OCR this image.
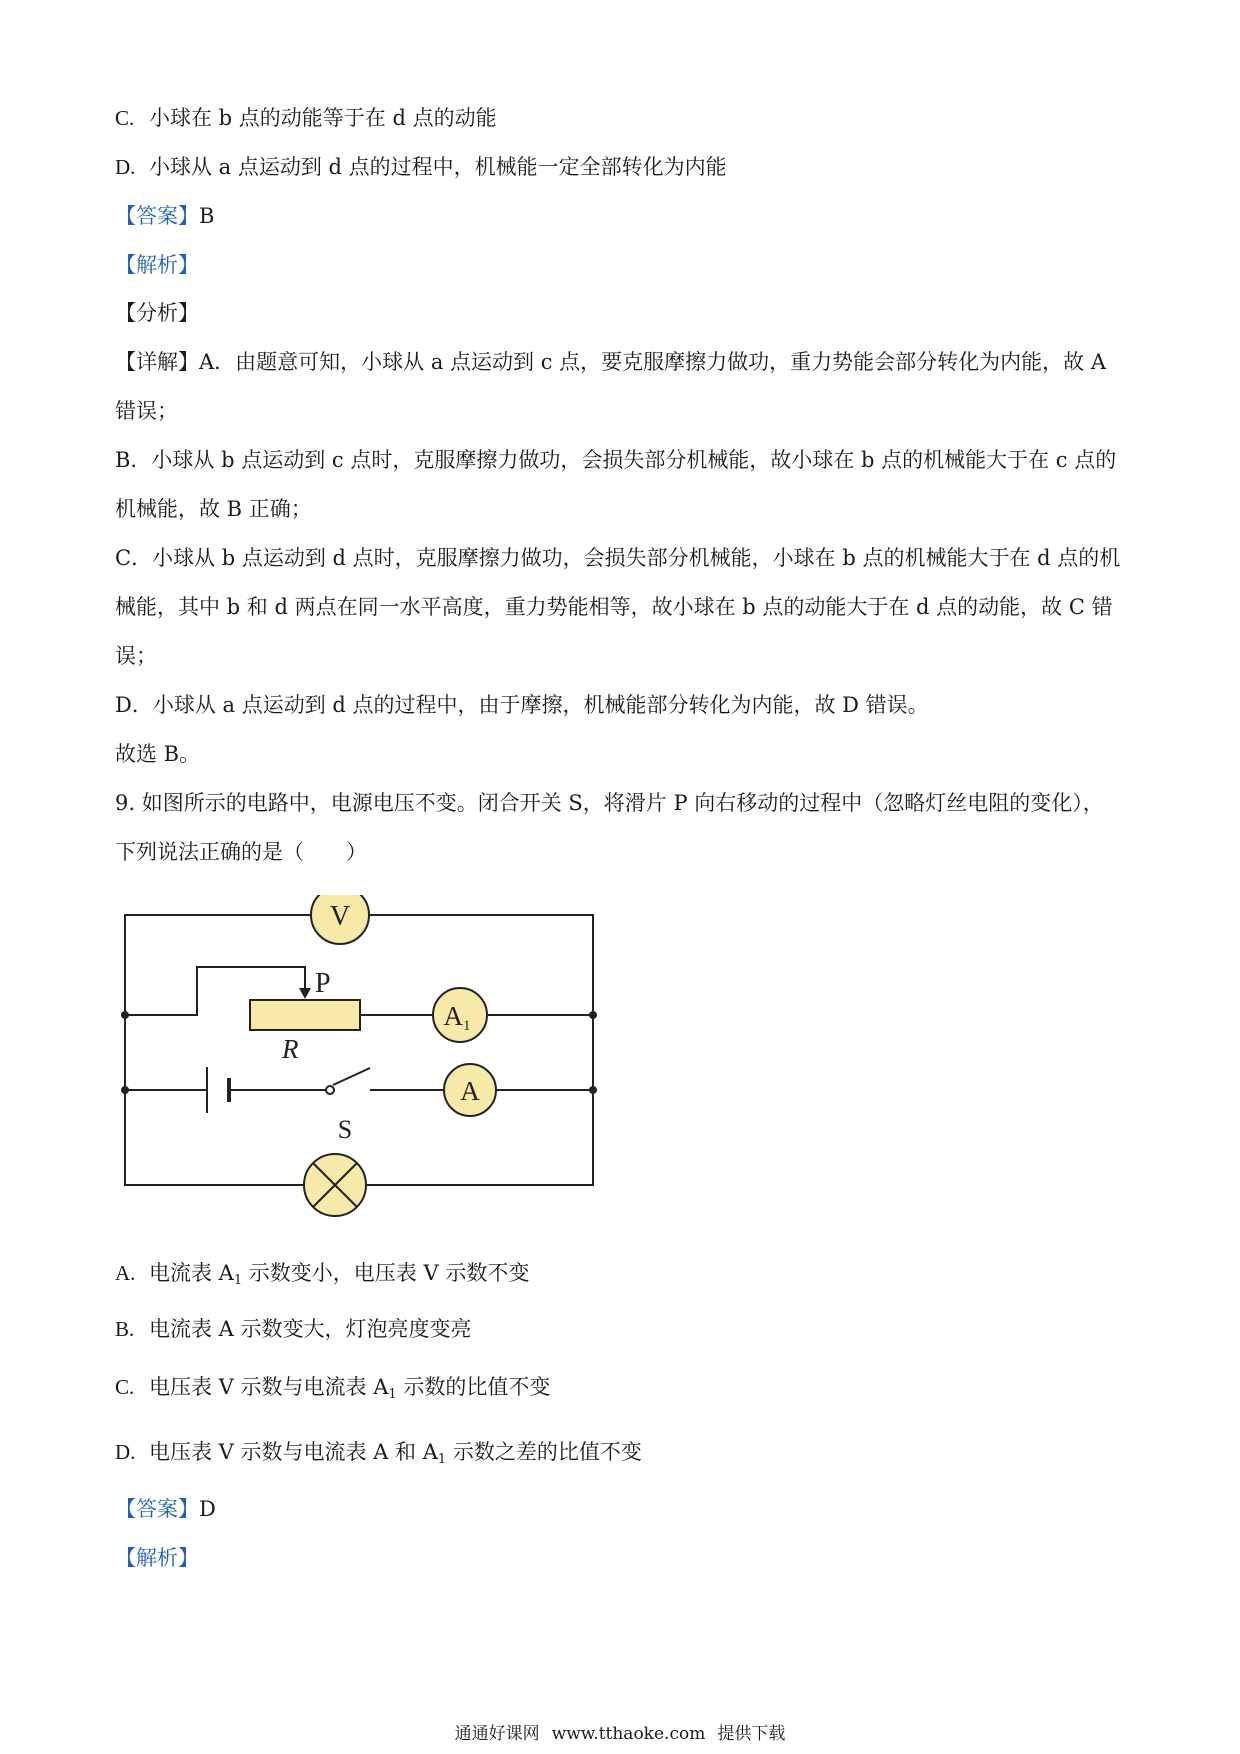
C. 小球在 b 点的动能等于在 d 点的动能
D. 小球从 a 点运动到 d 点的过程中，机械能一定全部转化为内能
【答案】B
【解析】
【分析】
【详解】A．由题意可知，小球从 a 点运动到 c 点，要克服摩擦力做功，重力势能会部分转化为内能，故 A
错误；
B．小球从 b 点运动到 c 点时，克服摩擦力做功，会损失部分机械能，故小球在 b 点的机械能大于在 c 点的
机械能，故 B 正确；
C．小球从 b 点运动到 d 点时，克服摩擦力做功，会损失部分机械能，小球在 b 点的机械能大于在 d 点的机
械能，其中 b 和 d 两点在同一水平高度，重力势能相等，故小球在 b 点的动能大于在 d 点的动能，故 C 错
误；
D．小球从 a 点运动到 d 点的过程中，由于摩擦，机械能部分转化为内能，故 D 错误。
故选 B。
9. 如图所示的电路中，电源电压不变。闭合开关 S，将滑片 P 向右移动的过程中（忽略灯丝电阻的变化），
下列说法正确的是（　　）
P
R
V
A1
S
A
A. 电流表 $A_1$ 示数变小，电压表 V 示数不变
B. 电流表 A 示数变大，灯泡亮度变亮
C. 电压表 V 示数与电流表 $A_1$ 示数的比值不变
D. 电压表 V 示数与电流表 A 和 $A_1$ 示数之差的比值不变
【答案】D
【解析】
通通好课网 www.tthaoke.com 提供下载
